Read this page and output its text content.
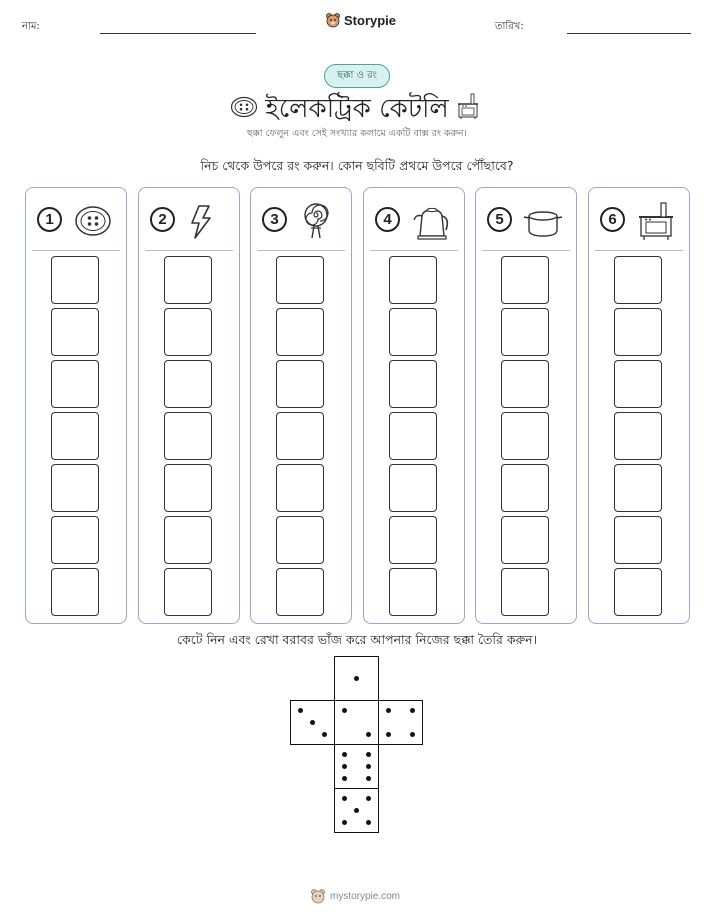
নাম:	Storypie	তারিখ:
ছক্কা ও রং
ইলেকট্রিক কেটলি
ছক্কা ফেলুন এবং সেই সংখ্যার কলামে একটি বাক্স রং করুন।
নিচ থেকে উপরে রং করুন। কোন ছবিটি প্রথমে উপরে পৌঁছাবে?
1	2	3	4	5	6
কেটে নিন এবং রেখা বরাবর ভাঁজ করে আপনার নিজের ছক্কা তৈরি করুন।
mystorypie.com
